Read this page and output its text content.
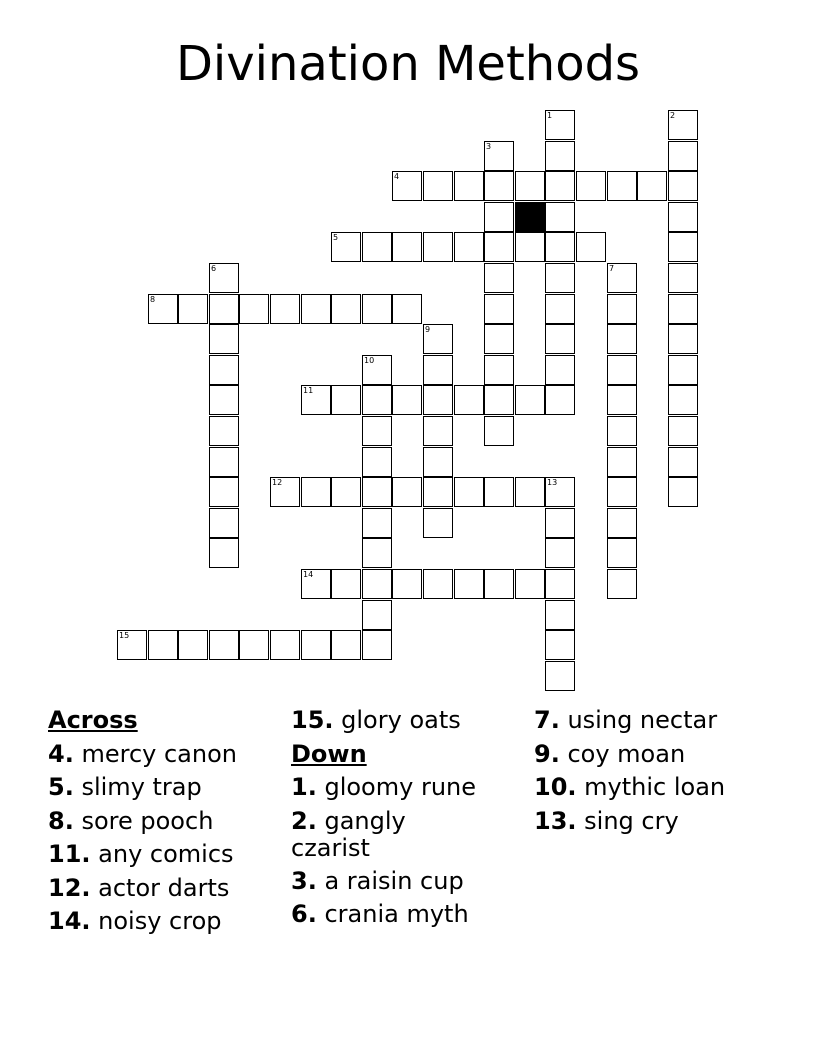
Divination Methods
4
5
8
11
12	13
14
15
1	2
3
6	7
9
10
Across
4. mercy canon
5. slimy trap
8. sore pooch
11. any comics
12. actor darts
14. noisy crop
15. glory oats
Down
1. gloomy rune
2. gangly czarist
3. a raisin cup
6. crania myth
7. using nectar
9. coy moan
10. mythic loan
13. sing cry
